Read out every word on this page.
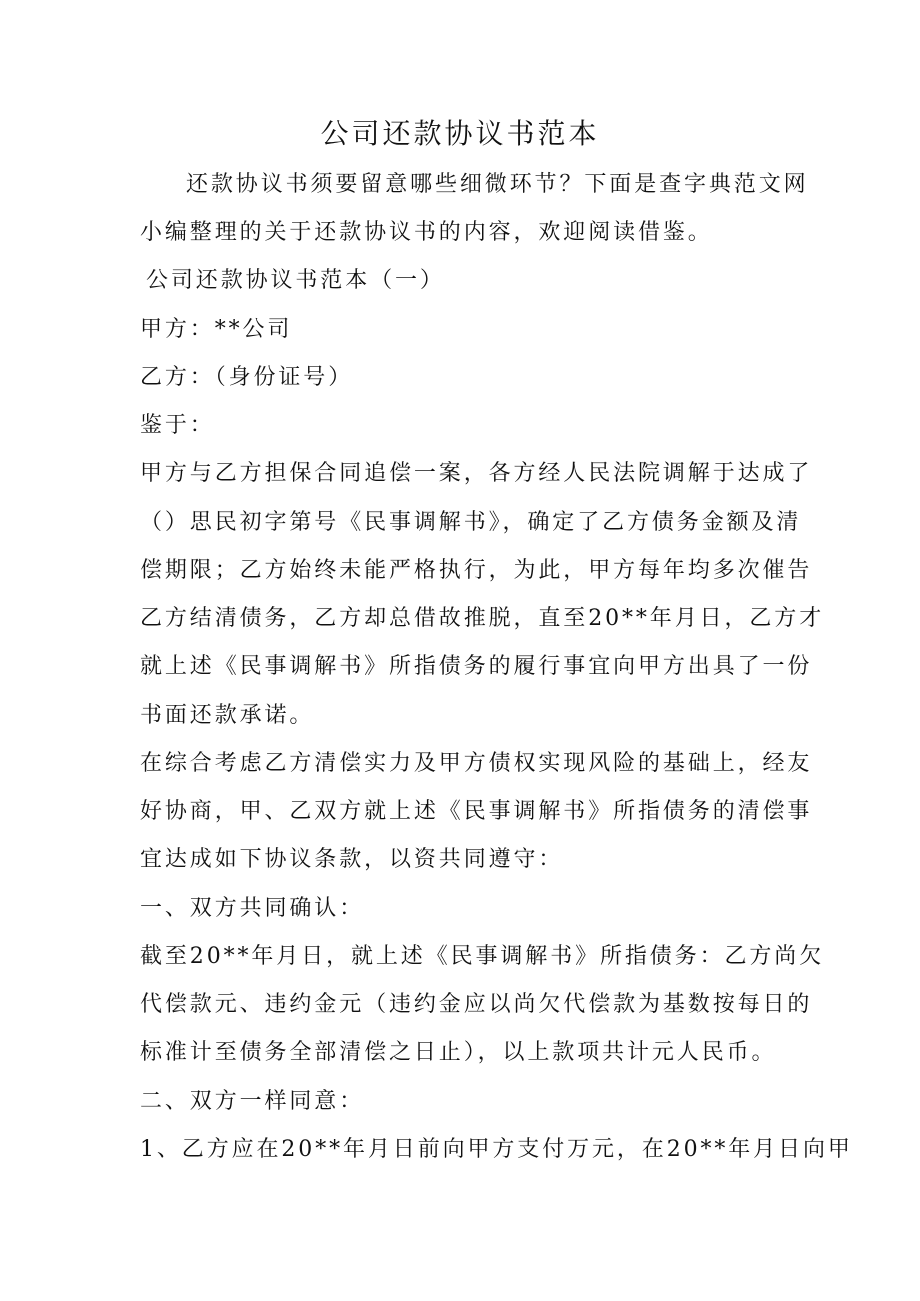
公司还款协议书范本

还款协议书须要留意哪些细微环节？下面是查字典范文网

小编整理的关于还款协议书的内容，欢迎阅读借鉴。

公司还款协议书范本（一）

甲方：**公司

乙方：（身份证号）

鉴于：

甲方与乙方担保合同追偿一案，各方经人民法院调解于达成了

（）思民初字第号《民事调解书》，确定了乙方债务金额及清

偿期限；乙方始终未能严格执行，为此，甲方每年均多次催告

乙方结清债务，乙方却总借故推脱，直至20**年月日，乙方才

就上述《民事调解书》所指债务的履行事宜向甲方出具了一份

书面还款承诺。

在综合考虑乙方清偿实力及甲方债权实现风险的基础上，经友

好协商，甲、乙双方就上述《民事调解书》所指债务的清偿事

宜达成如下协议条款，以资共同遵守：

一、双方共同确认：

截至20**年月日，就上述《民事调解书》所指债务：乙方尚欠

代偿款元、违约金元（违约金应以尚欠代偿款为基数按每日的

标准计至债务全部清偿之日止），以上款项共计元人民币。

二、双方一样同意：

1、乙方应在20**年月日前向甲方支付万元，在20**年月日向甲
